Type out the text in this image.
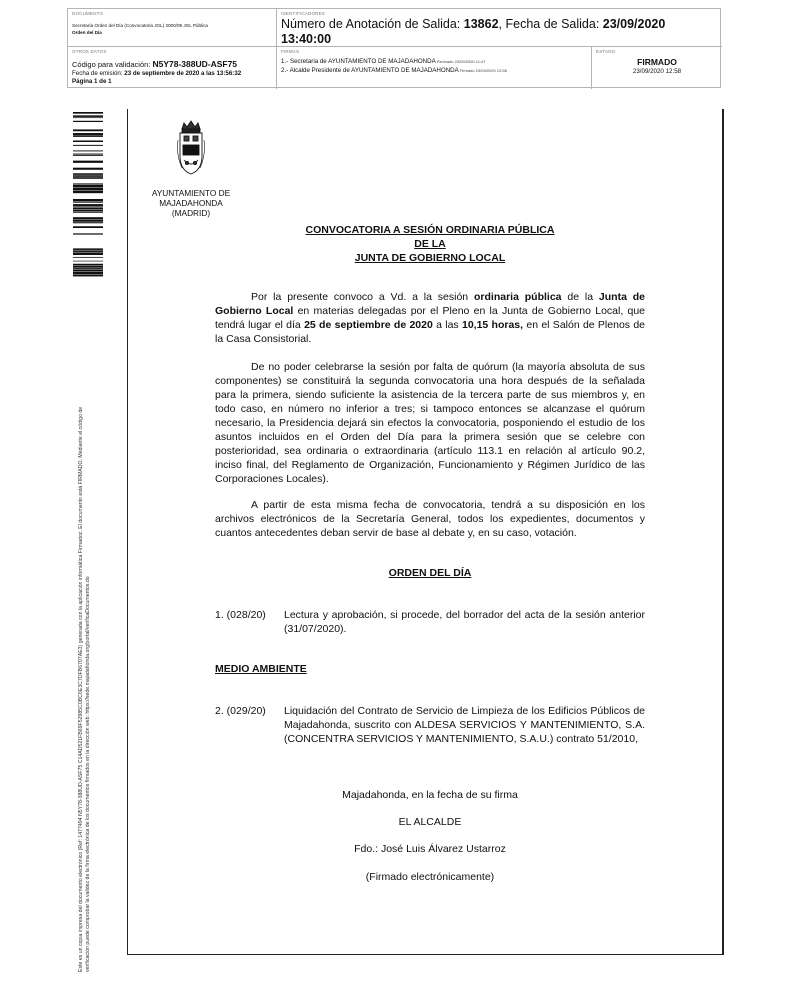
DOCUMENTO
Secretaría Orden del Día (Convocatoria JGL) 2000/09 JGL Pública
Orden del Día
IDENTIFICADORES
Número de Anotación de Salida: 13862, Fecha de Salida: 23/09/2020 13:40:00
OTROS DATOS
Código para validación: N5Y78-388UD-ASF75
Fecha de emisión: 23 de septiembre de 2020 a las 13:56:32
Página 1 de 1
FIRMAS
1.- Secretaria de AYUNTAMIENTO DE MAJADAHONDA Revisado 23/09/2020 11:47
2.- Alcalde Presidente de AYUNTAMIENTO DE MAJADAHONDA Firmado 23/09/2020 12:58
ESTADO
FIRMADO
23/09/2020 12:58
Este es un copia impresa del documento electrónico (Ref: 1477494 N5Y78-388UD-ASF75 C14AD521FB69F52985C0BC6E3C7DFB6707AE3) generada con la aplicación informática Firmadoc. El documento está FIRMADO. Mediante el código de verificación puede comprobar la validez de la firma electrónica de los documentos firmados en la dirección web: https://sede.majadahonda.org/portal/verificaDocumentos.do
AYUNTAMIENTO DE
MAJADAHONDA
(MADRID)
CONVOCATORIA A SESIÓN ORDINARIA PÚBLICA
DE LA
JUNTA DE GOBIERNO LOCAL
Por la presente convoco a Vd. a la sesión ordinaria pública de la Junta de Gobierno Local en materias delegadas por el Pleno en la Junta de Gobierno Local, que tendrá lugar el día 25 de septiembre de 2020 a las 10,15 horas, en el Salón de Plenos de la Casa Consistorial.
De no poder celebrarse la sesión por falta de quórum (la mayoría absoluta de sus componentes) se constituirá la segunda convocatoria una hora después de la señalada para la primera, siendo suficiente la asistencia de la tercera parte de sus miembros y, en todo caso, en número no inferior a tres; si tampoco entonces se alcanzase el quórum necesario, la Presidencia dejará sin efectos la convocatoria, posponiendo el estudio de los asuntos incluidos en el Orden del Día para la primera sesión que se celebre con posterioridad, sea ordinaria o extraordinaria (artículo 113.1 en relación al artículo 90.2, inciso final, del Reglamento de Organización, Funcionamiento y Régimen Jurídico de las Corporaciones Locales).
A partir de esta misma fecha de convocatoria, tendrá a su disposición en los archivos electrónicos de la Secretaría General, todos los expedientes, documentos y cuantos antecedentes deban servir de base al debate y, en su caso, votación.
ORDEN DEL DÍA
1. (028/20) Lectura y aprobación, si procede, del borrador del acta de la sesión anterior (31/07/2020).
MEDIO AMBIENTE
2. (029/20) Liquidación del Contrato de Servicio de Limpieza de los Edificios Públicos de Majadahonda, suscrito con ALDESA SERVICIOS Y MANTENIMIENTO, S.A. (CONCENTRA SERVICIOS Y MANTENIMIENTO, S.A.U.) contrato 51/2010,
Majadahonda, en la fecha de su firma
EL ALCALDE
Fdo.: José Luis Álvarez Ustarroz
(Firmado electrónicamente)
